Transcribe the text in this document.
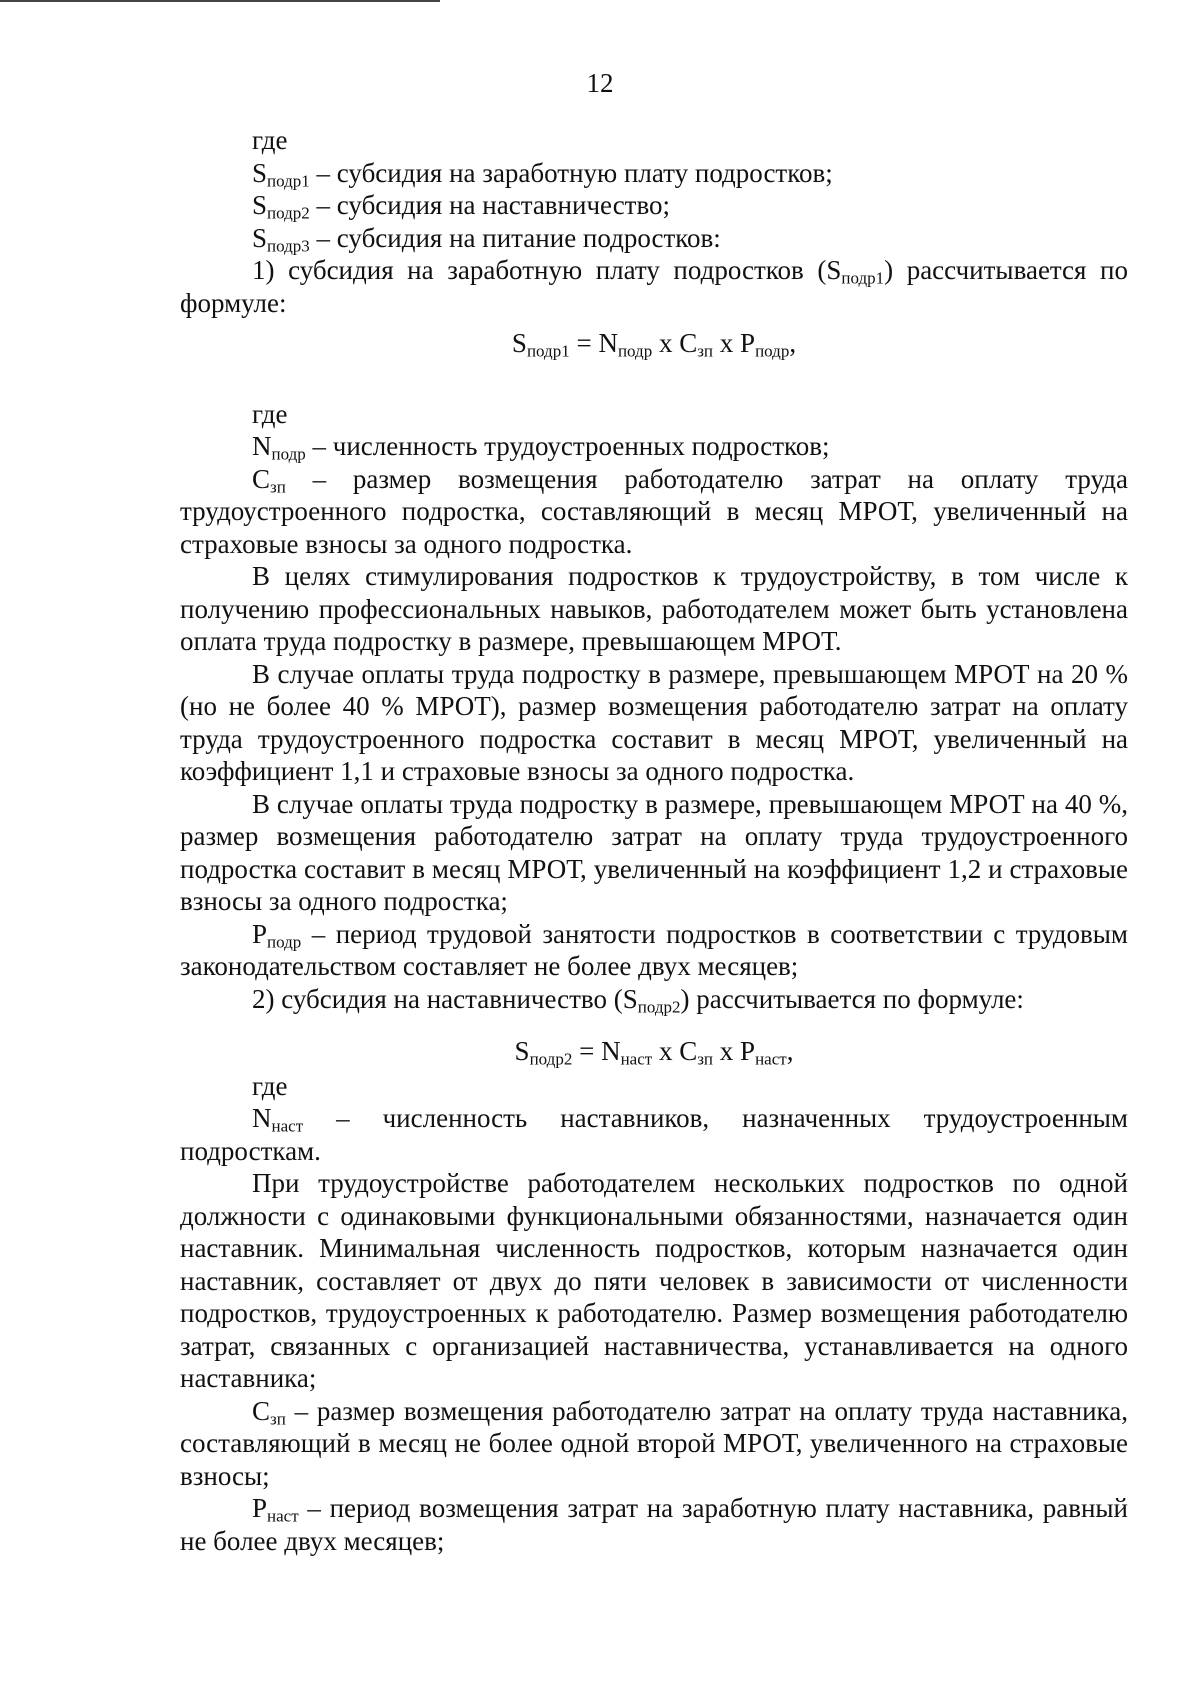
12

где

$S_{подр1}$ – субсидия на заработную плату подростков;

$S_{подр2}$ – субсидия на наставничество;

$S_{подр3}$ – субсидия на питание подростков:

1) субсидия на заработную плату подростков $(S_{подр1})$ рассчитывается по формуле:

$S_{подр1} = N_{подр}$ x $С_{зп}$ x $Р_{подр}$,

где

$N_{подр}$ – численность трудоустроенных подростков;

$С_{зп}$ – размер возмещения работодателю затрат на оплату труда трудоустроенного подростка, составляющий в месяц МРОТ, увеличенный на страховые взносы за одного подростка.

В целях стимулирования подростков к трудоустройству, в том числе к получению профессиональных навыков, работодателем может быть установлена оплата труда подростку в размере, превышающем МРОТ.

В случае оплаты труда подростку в размере, превышающем МРОТ на 20 % (но не более 40 % МРОТ), размер возмещения работодателю затрат на оплату труда трудоустроенного подростка составит в месяц МРОТ, увеличенный на коэффициент 1,1 и страховые взносы за одного подростка.

В случае оплаты труда подростку в размере, превышающем МРОТ на 40 %, размер возмещения работодателю затрат на оплату труда трудоустроенного подростка составит в месяц МРОТ, увеличенный на коэффициент 1,2 и страховые взносы за одного подростка;

$Р_{подр}$ – период трудовой занятости подростков в соответствии с трудовым законодательством составляет не более двух месяцев;

2) субсидия на наставничество $(S_{подр2})$ рассчитывается по формуле:

$S_{подр2} = N_{наст}$ x $С_{зп}$ x $Р_{наст}$,

где

$N_{наст}$ – численность наставников, назначенных трудоустроенным подросткам.

При трудоустройстве работодателем нескольких подростков по одной должности с одинаковыми функциональными обязанностями, назначается один наставник. Минимальная численность подростков, которым назначается один наставник, составляет от двух до пяти человек в зависимости от численности подростков, трудоустроенных к работодателю. Размер возмещения работодателю затрат, связанных с организацией наставничества, устанавливается на одного наставника;

$С_{зп}$ – размер возмещения работодателю затрат на оплату труда наставника, составляющий в месяц не более одной второй МРОТ, увеличенного на страховые взносы;

$Р_{наст}$ – период возмещения затрат на заработную плату наставника, равный не более двух месяцев;
